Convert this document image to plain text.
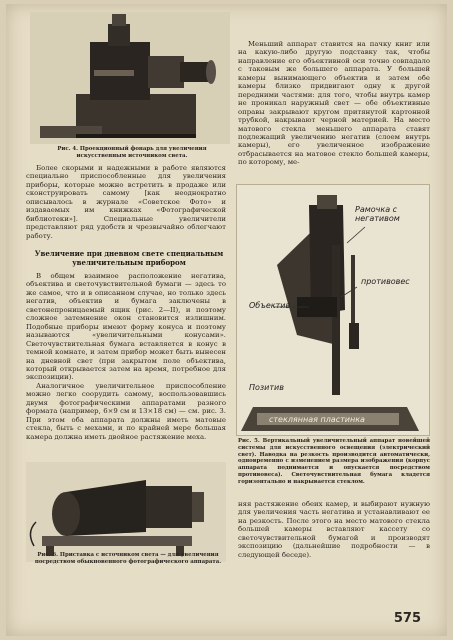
Рис. 4. Проекционный фонарь для увеличения искусственным источником света.
Меньший аппарат ставится на пачку книг или на какую-либо другую подставку так, чтобы направление его объективной оси точно совпадало с таковым же большего аппарата. У большей камеры вынимающего объектив и затем обе камеры близко придвигают одну к другой передними частями: для того, чтобы внутрь камер не проникал наружный свет — обе объективные оправы закрывают кругом притянутой картонной трубкой, накрывают черной материей. На место матового стекла меньшего аппарата ставят подлежащий увеличению негатив (слоем внутрь камеры), его увеличенное изображение отбрасывается на матовое стекло большей камеры, по которому, ме-

Более скорыми и надежными в работе являются специально приспособленные для увеличения приборы, которые можно встретить в продаже или сконструировать самому [как неоднократно описывалось в журнале «Советское Фото» и издаваемых им книжках «Фотографической библиотеки»]. Специальные увеличители представляют ряд удобств и чрезвычайно облегчают работу.

Увеличение при дневном свете специальным увеличительным прибором

В общем взаимное расположение негатива, объектива и светочувствительной бумаги — здесь то же самое, что и в описанном случае, но только здесь негатив, объектив и бумага заключены в светонепроницаемый ящик (рис. 2—II), и поэтому сложное затемнение окон становится излишним. Подобные приборы имеют форму конуса и поэтому называются «увеличительными конусами». Светочувствительная бумага вставляется в конус в темной комнате, и затем прибор может быть вынесен на дневной свет (при закрытом поле объектива, который открывается затем на время, потребное для экспозиции).

Аналогичное увеличительное приспособление можно легко соорудить самому, воспользовавшись двумя фотографическими аппаратами разного формата (например, 6×9 см и 13×18 см) — см. рис. 3. При этом оба аппарата должны иметь матовые стекла, быть с мехами, и по крайней мере большая камера должна иметь двойное растяжение меха.

Рамочка с негативом
Объектив
противовес
Позитив
стеклянная пластинка
Рис. 5. Вертикальный увеличительный аппарат новейшей системы для искусственного освещения (электрический свет). Наводка на резкость производится автоматически, одновременно с изменением размера изображения (корпус аппарата поднимается и опускается посредством противовеса). Светочувствительная бумага кладется горизонтально и накрывается стеклом.
Рис. 6. Приставка с источником света — для увеличения посредством обыкновенного фотографического аппарата.
няя растяжение обеих камер, и выбирают нужную для увеличения часть негатива и устанавливают ее на резкость. После этого на место матового стекла большей камеры вставляют кассету со светочувствительной бумагой и производят экспозицию (дальнейшие подробности — в следующей беседе).
575
